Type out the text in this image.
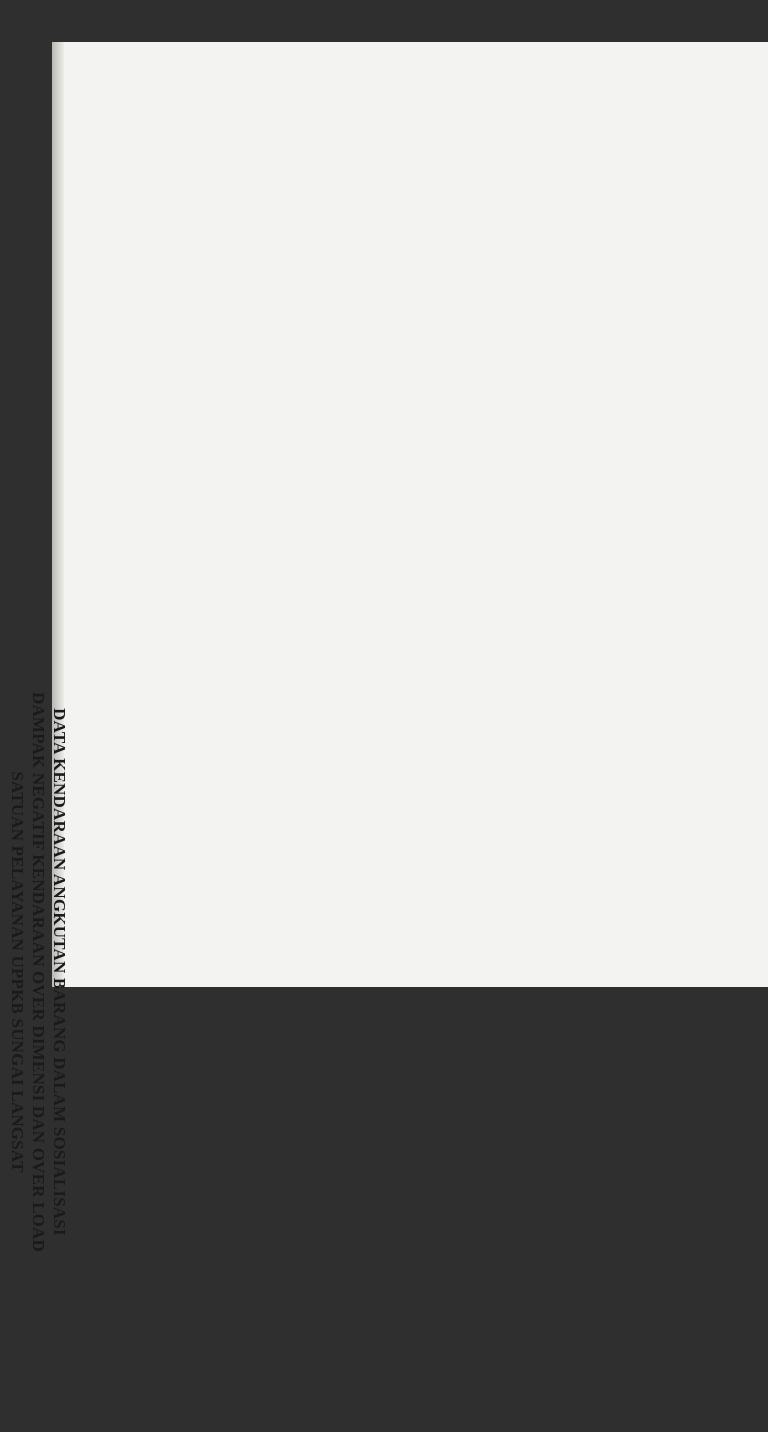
DATA KENDARAAN ANGKUTAN BARANG DALAM SOSIALISASI
DAMPAK NEGATIF KENDARAAN OVER DIMENSI DAN OVER LOAD
SATUAN PELAYANAN UPPKB SUNGAI LANGSAT
